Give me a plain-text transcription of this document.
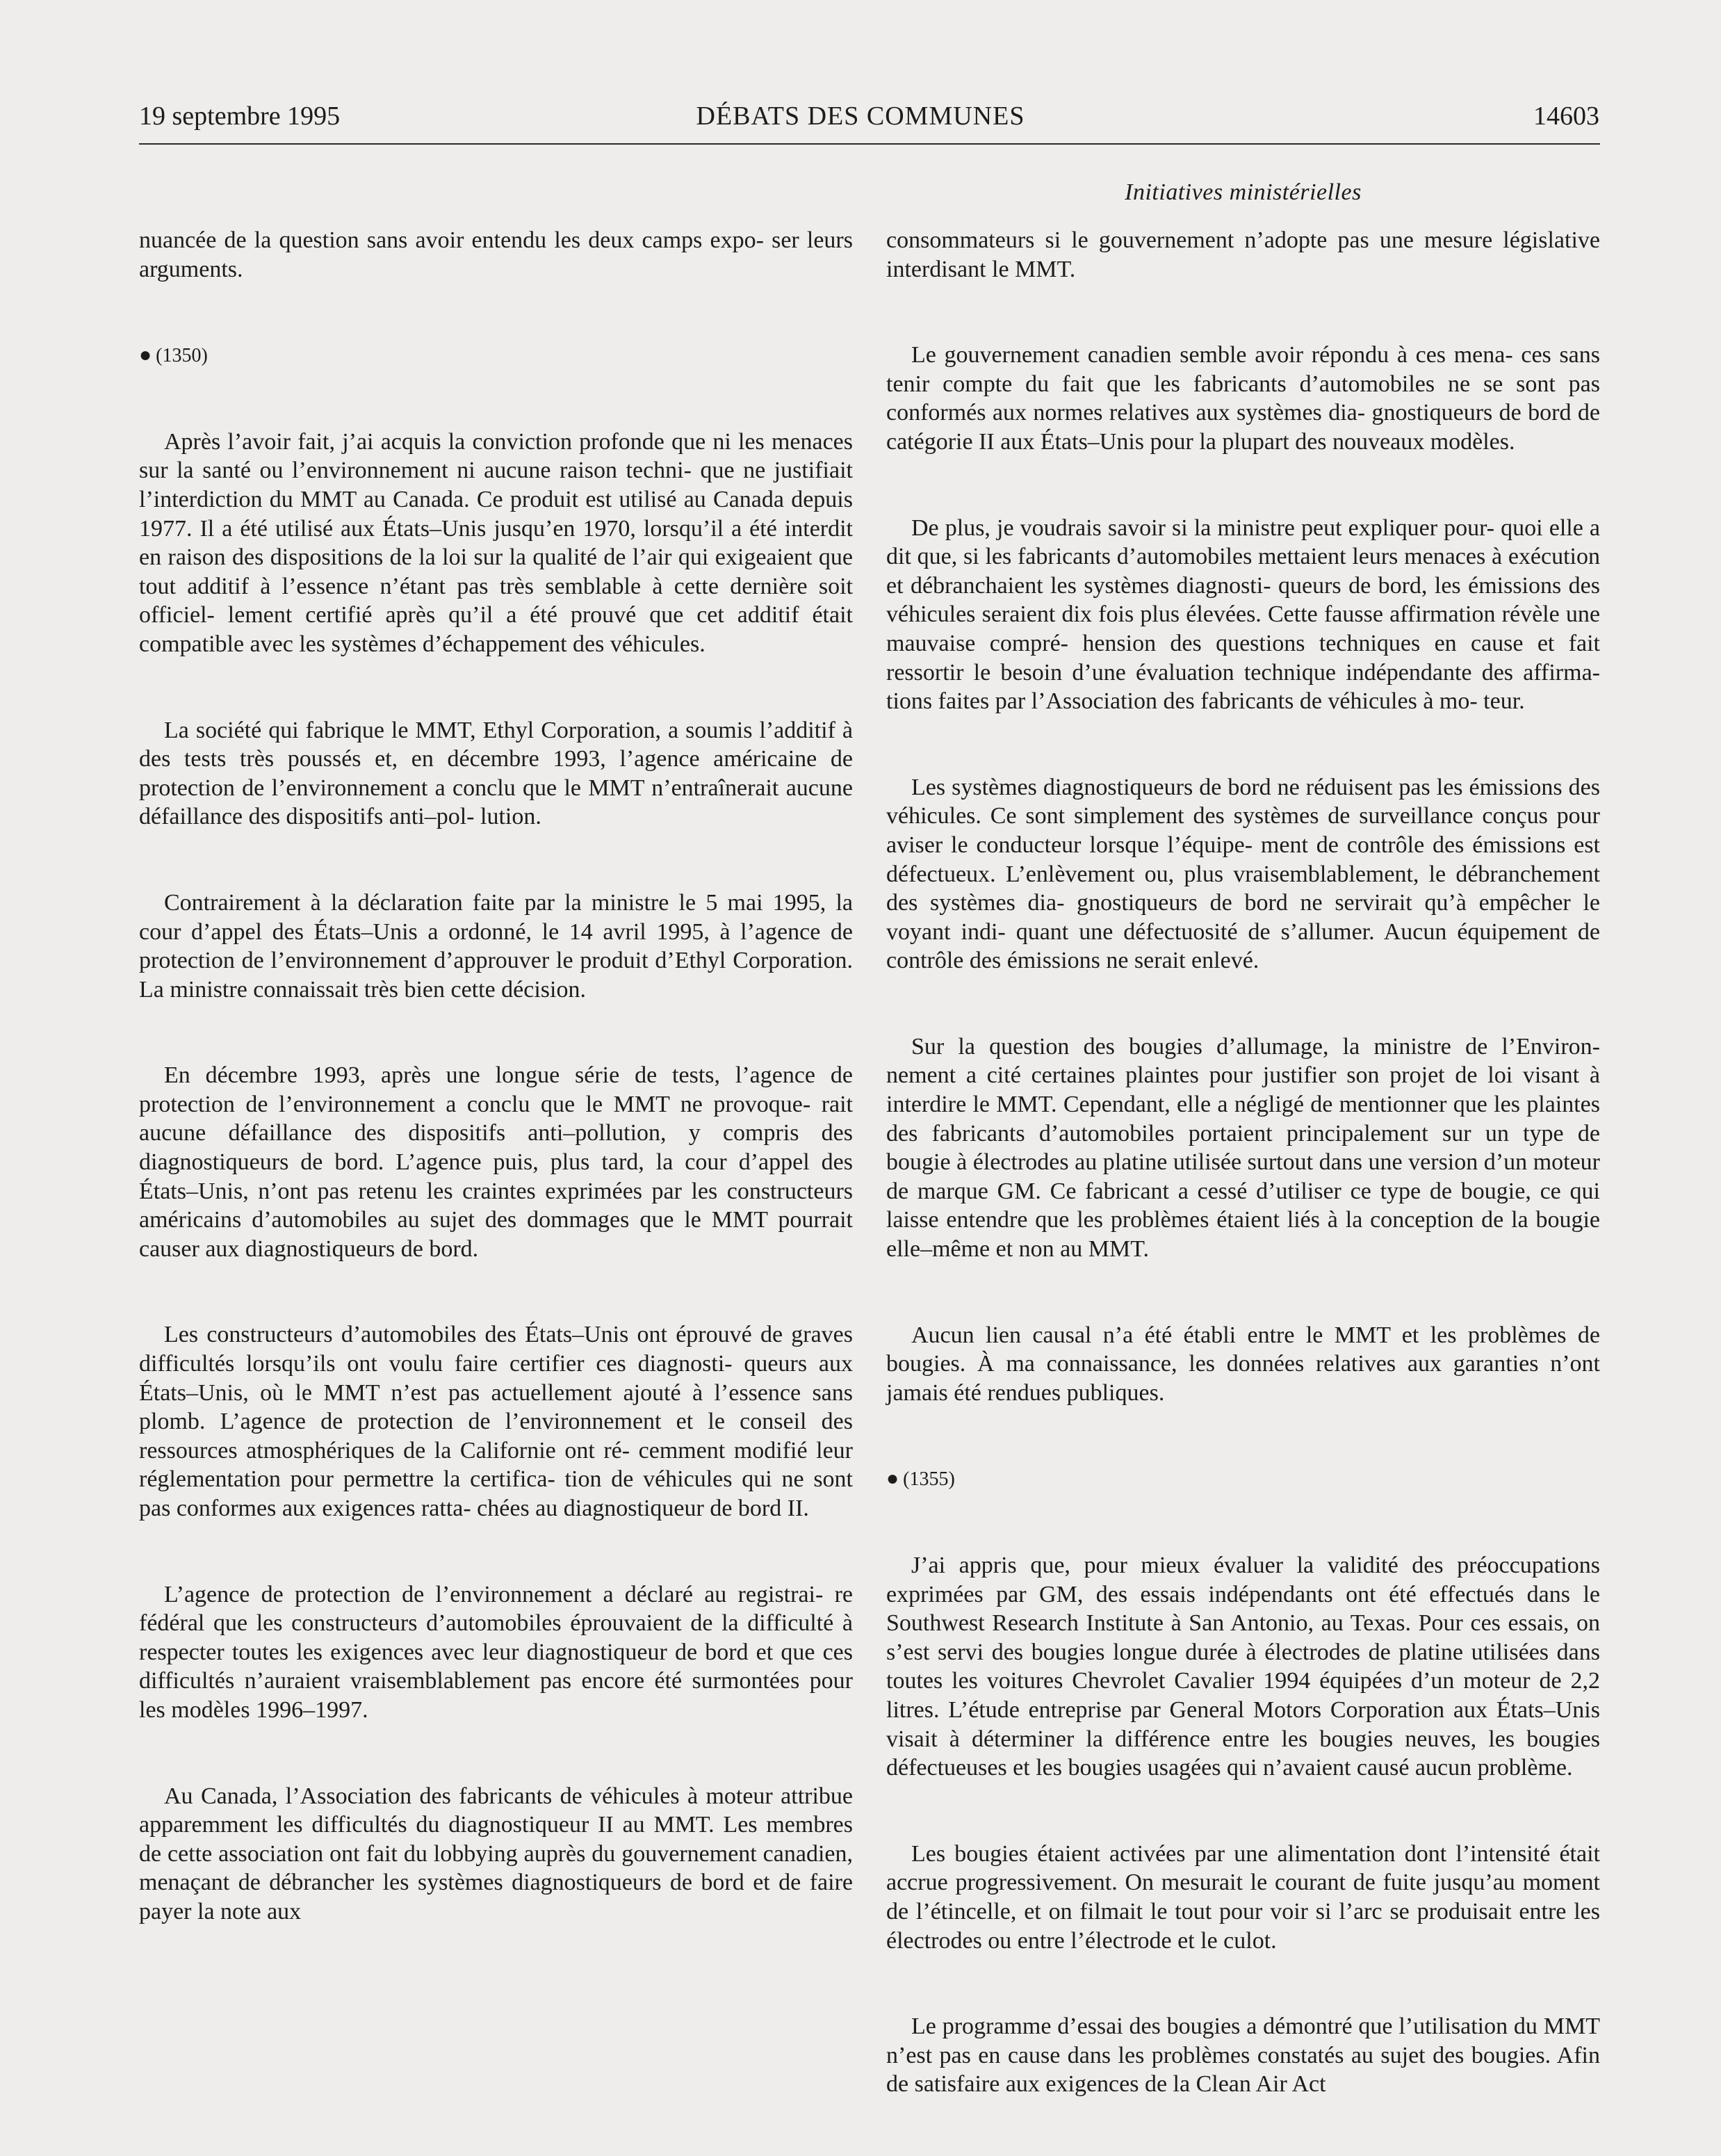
19 septembre 1995	DÉBATS DES COMMUNES	14603
Initiatives ministérielles

nuancée de la question sans avoir entendu les deux camps expo- ser leurs arguments.

● (1350)

Après l’avoir fait, j’ai acquis la conviction profonde que ni les menaces sur la santé ou l’environnement ni aucune raison techni- que ne justifiait l’interdiction du MMT au Canada. Ce produit est utilisé au Canada depuis 1977. Il a été utilisé aux États–Unis jusqu’en 1970, lorsqu’il a été interdit en raison des dispositions de la loi sur la qualité de l’air qui exigeaient que tout additif à l’essence n’étant pas très semblable à cette dernière soit officiel- lement certifié après qu’il a été prouvé que cet additif était compatible avec les systèmes d’échappement des véhicules.

La société qui fabrique le MMT, Ethyl Corporation, a soumis l’additif à des tests très poussés et, en décembre 1993, l’agence américaine de protection de l’environnement a conclu que le MMT n’entraînerait aucune défaillance des dispositifs anti–pol- lution.

Contrairement à la déclaration faite par la ministre le 5 mai 1995, la cour d’appel des États–Unis a ordonné, le 14 avril 1995, à l’agence de protection de l’environnement d’approuver le produit d’Ethyl Corporation. La ministre connaissait très bien cette décision.

En décembre 1993, après une longue série de tests, l’agence de protection de l’environnement a conclu que le MMT ne provoque- rait aucune défaillance des dispositifs anti–pollution, y compris des diagnostiqueurs de bord. L’agence puis, plus tard, la cour d’appel des États–Unis, n’ont pas retenu les craintes exprimées par les constructeurs américains d’automobiles au sujet des dommages que le MMT pourrait causer aux diagnostiqueurs de bord.

Les constructeurs d’automobiles des États–Unis ont éprouvé de graves difficultés lorsqu’ils ont voulu faire certifier ces diagnosti- queurs aux États–Unis, où le MMT n’est pas actuellement ajouté à l’essence sans plomb. L’agence de protection de l’environnement et le conseil des ressources atmosphériques de la Californie ont ré- cemment modifié leur réglementation pour permettre la certifica- tion de véhicules qui ne sont pas conformes aux exigences ratta- chées au diagnostiqueur de bord II.

L’agence de protection de l’environnement a déclaré au registrai- re fédéral que les constructeurs d’automobiles éprouvaient de la difficulté à respecter toutes les exigences avec leur diagnostiqueur de bord et que ces difficultés n’auraient vraisemblablement pas encore été surmontées pour les modèles 1996–1997.

Au Canada, l’Association des fabricants de véhicules à moteur attribue apparemment les difficultés du diagnostiqueur II au MMT. Les membres de cette association ont fait du lobbying auprès du gouvernement canadien, menaçant de débrancher les systèmes diagnostiqueurs de bord et de faire payer la note aux

consommateurs si le gouvernement n’adopte pas une mesure législative interdisant le MMT.

Le gouvernement canadien semble avoir répondu à ces mena- ces sans tenir compte du fait que les fabricants d’automobiles ne se sont pas conformés aux normes relatives aux systèmes dia- gnostiqueurs de bord de catégorie II aux États–Unis pour la plupart des nouveaux modèles.

De plus, je voudrais savoir si la ministre peut expliquer pour- quoi elle a dit que, si les fabricants d’automobiles mettaient leurs menaces à exécution et débranchaient les systèmes diagnosti- queurs de bord, les émissions des véhicules seraient dix fois plus élevées. Cette fausse affirmation révèle une mauvaise compré- hension des questions techniques en cause et fait ressortir le besoin d’une évaluation technique indépendante des affirma- tions faites par l’Association des fabricants de véhicules à mo- teur.

Les systèmes diagnostiqueurs de bord ne réduisent pas les émissions des véhicules. Ce sont simplement des systèmes de surveillance conçus pour aviser le conducteur lorsque l’équipe- ment de contrôle des émissions est défectueux. L’enlèvement ou, plus vraisemblablement, le débranchement des systèmes dia- gnostiqueurs de bord ne servirait qu’à empêcher le voyant indi- quant une défectuosité de s’allumer. Aucun équipement de contrôle des émissions ne serait enlevé.

Sur la question des bougies d’allumage, la ministre de l’Environ- nement a cité certaines plaintes pour justifier son projet de loi visant à interdire le MMT. Cependant, elle a négligé de mentionner que les plaintes des fabricants d’automobiles portaient principalement sur un type de bougie à électrodes au platine utilisée surtout dans une version d’un moteur de marque GM. Ce fabricant a cessé d’utiliser ce type de bougie, ce qui laisse entendre que les problèmes étaient liés à la conception de la bougie elle–même et non au MMT.

Aucun lien causal n’a été établi entre le MMT et les problèmes de bougies. À ma connaissance, les données relatives aux garanties n’ont jamais été rendues publiques.

● (1355)

J’ai appris que, pour mieux évaluer la validité des préoccupations exprimées par GM, des essais indépendants ont été effectués dans le Southwest Research Institute à San Antonio, au Texas. Pour ces essais, on s’est servi des bougies longue durée à électrodes de platine utilisées dans toutes les voitures Chevrolet Cavalier 1994 équipées d’un moteur de 2,2 litres. L’étude entreprise par General Motors Corporation aux États–Unis visait à déterminer la différence entre les bougies neuves, les bougies défectueuses et les bougies usagées qui n’avaient causé aucun problème.

Les bougies étaient activées par une alimentation dont l’intensité était accrue progressivement. On mesurait le courant de fuite jusqu’au moment de l’étincelle, et on filmait le tout pour voir si l’arc se produisait entre les électrodes ou entre l’électrode et le culot.

Le programme d’essai des bougies a démontré que l’utilisation du MMT n’est pas en cause dans les problèmes constatés au sujet des bougies. Afin de satisfaire aux exigences de la Clean Air Act
